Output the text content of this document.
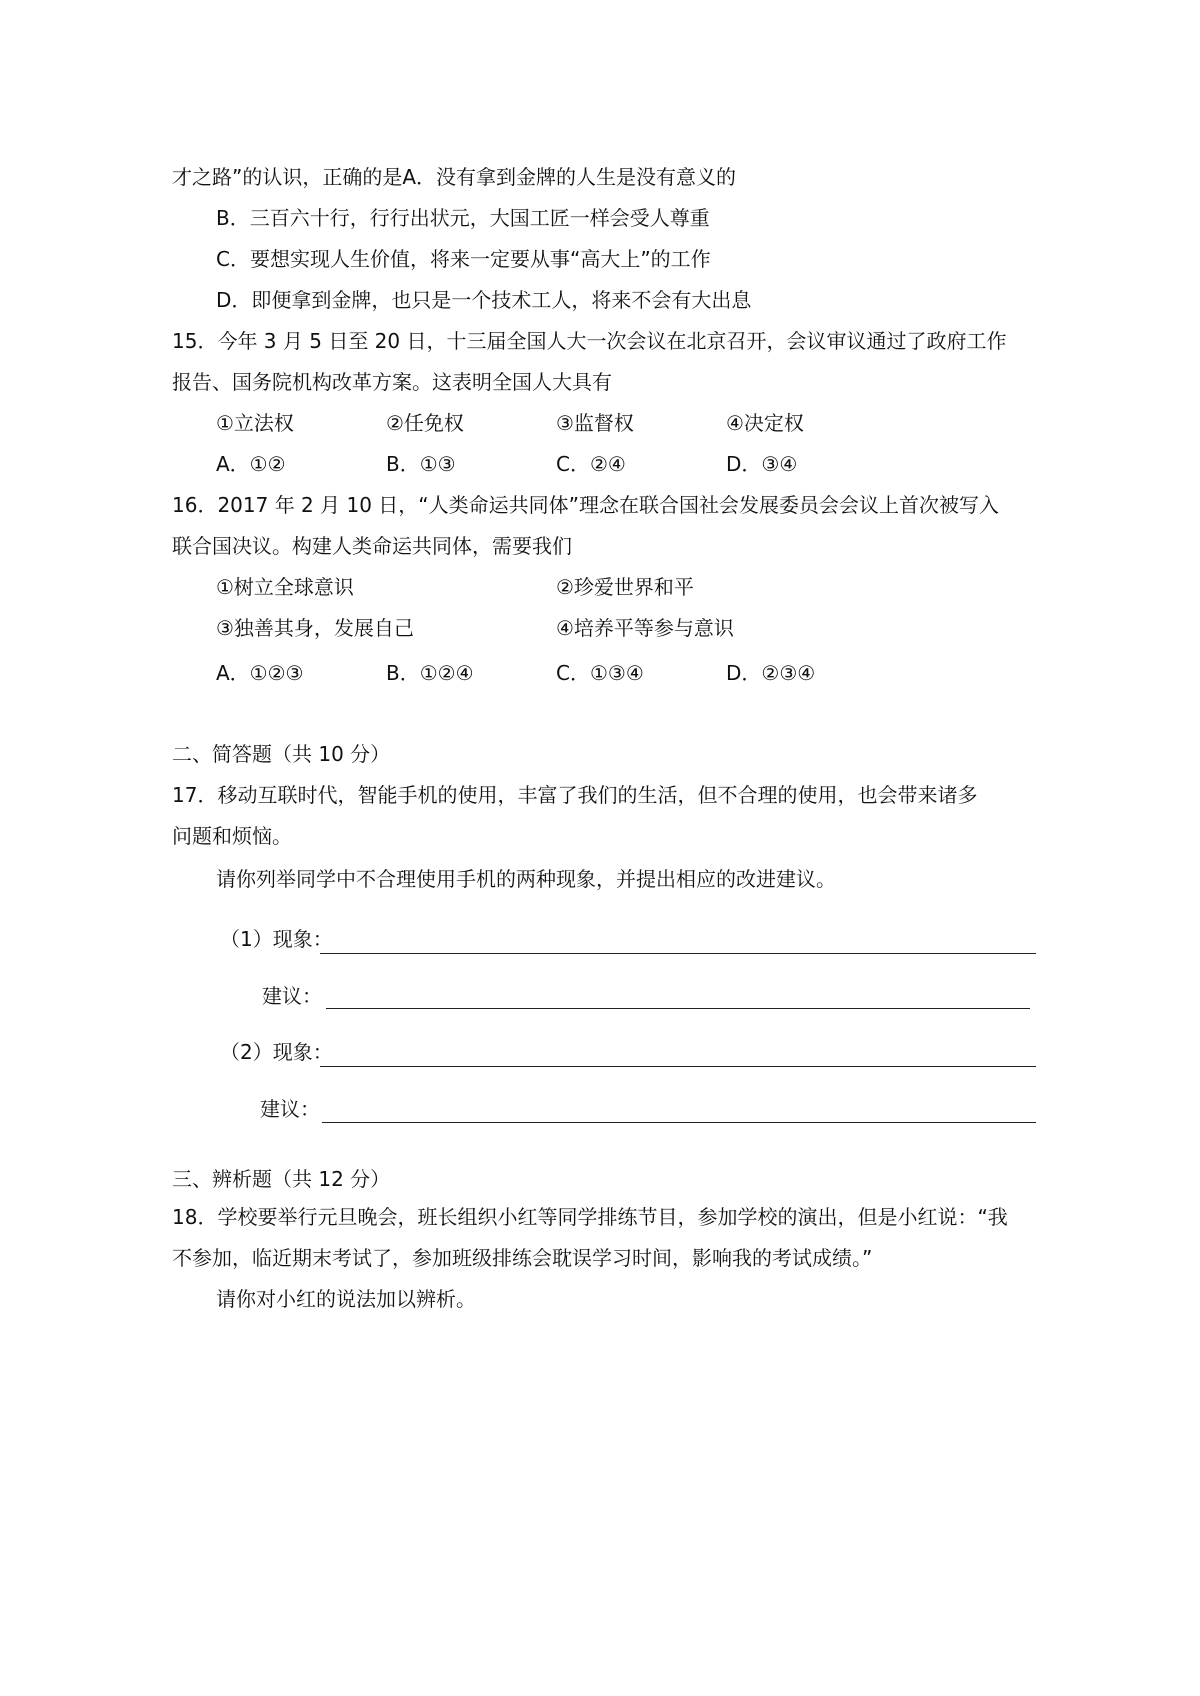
才之路”的认识，正确的是A．没有拿到金牌的人生是没有意义的
B．三百六十行，行行出状元，大国工匠一样会受人尊重
C．要想实现人生价值，将来一定要从事“高大上”的工作
D．即便拿到金牌，也只是一个技术工人，将来不会有大出息
15．今年 3 月 5 日至 20 日，十三届全国人大一次会议在北京召开，会议审议通过了政府工作
报告、国务院机构改革方案。这表明全国人大具有
①立法权	②任免权	③监督权	④决定权
A．①②	B．①③	C．②④	D．③④
16．2017 年 2 月 10 日，“人类命运共同体”理念在联合国社会发展委员会会议上首次被写入
联合国决议。构建人类命运共同体，需要我们
①树立全球意识	②珍爱世界和平
③独善其身，发展自己	④培养平等参与意识
A．①②③	B．①②④	C．①③④	D．②③④
二、简答题（共 10 分）
17．移动互联时代，智能手机的使用，丰富了我们的生活，但不合理的使用，也会带来诸多
问题和烦恼。
请你列举同学中不合理使用手机的两种现象，并提出相应的改进建议。
（1）现象：
建议：
（2）现象：
建议：
三、辨析题（共 12 分）
18．学校要举行元旦晚会，班长组织小红等同学排练节目，参加学校的演出，但是小红说：“我
不参加，临近期末考试了，参加班级排练会耽误学习时间，影响我的考试成绩。”
请你对小红的说法加以辨析。
